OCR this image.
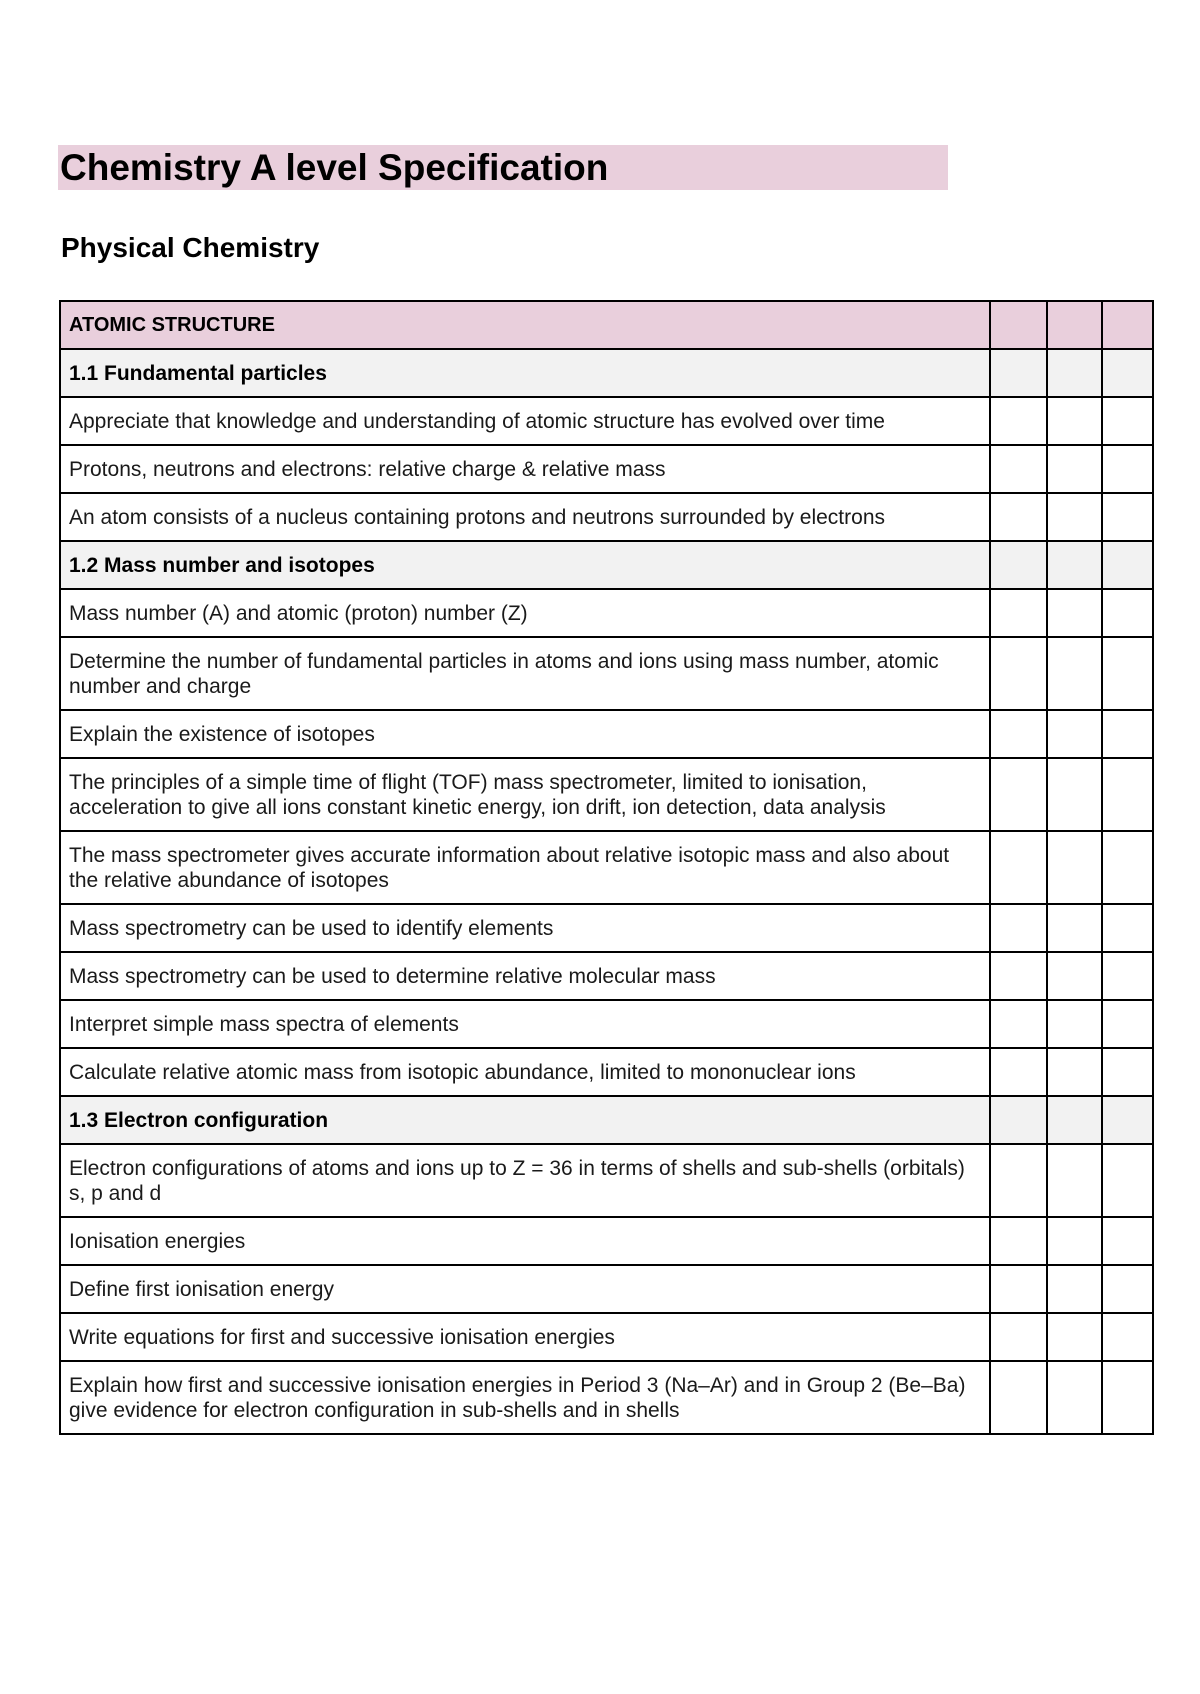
Chemistry A level Specification
Physical Chemistry
ATOMIC STRUCTURE			
1.1 Fundamental particles			
Appreciate that knowledge and understanding of atomic structure has evolved over time			
Protons, neutrons and electrons: relative charge & relative mass			
An atom consists of a nucleus containing protons and neutrons surrounded by electrons			
1.2 Mass number and isotopes			
Mass number (A) and atomic (proton) number (Z)			
Determine the number of fundamental particles in atoms and ions using mass number, atomic number and charge			
Explain the existence of isotopes			
The principles of a simple time of flight (TOF) mass spectrometer, limited to ionisation, acceleration to give all ions constant kinetic energy, ion drift, ion detection, data analysis			
The mass spectrometer gives accurate information about relative isotopic mass and also about the relative abundance of isotopes			
Mass spectrometry can be used to identify elements			
Mass spectrometry can be used to determine relative molecular mass			
Interpret simple mass spectra of elements			
Calculate relative atomic mass from isotopic abundance, limited to mononuclear ions			
1.3 Electron configuration			
Electron configurations of atoms and ions up to Z = 36 in terms of shells and sub-shells (orbitals) s, p and d			
Ionisation energies			
Define first ionisation energy			
Write equations for first and successive ionisation energies			
Explain how first and successive ionisation energies in Period 3 (Na–Ar) and in Group 2 (Be–Ba) give evidence for electron configuration in sub-shells and in shells			
